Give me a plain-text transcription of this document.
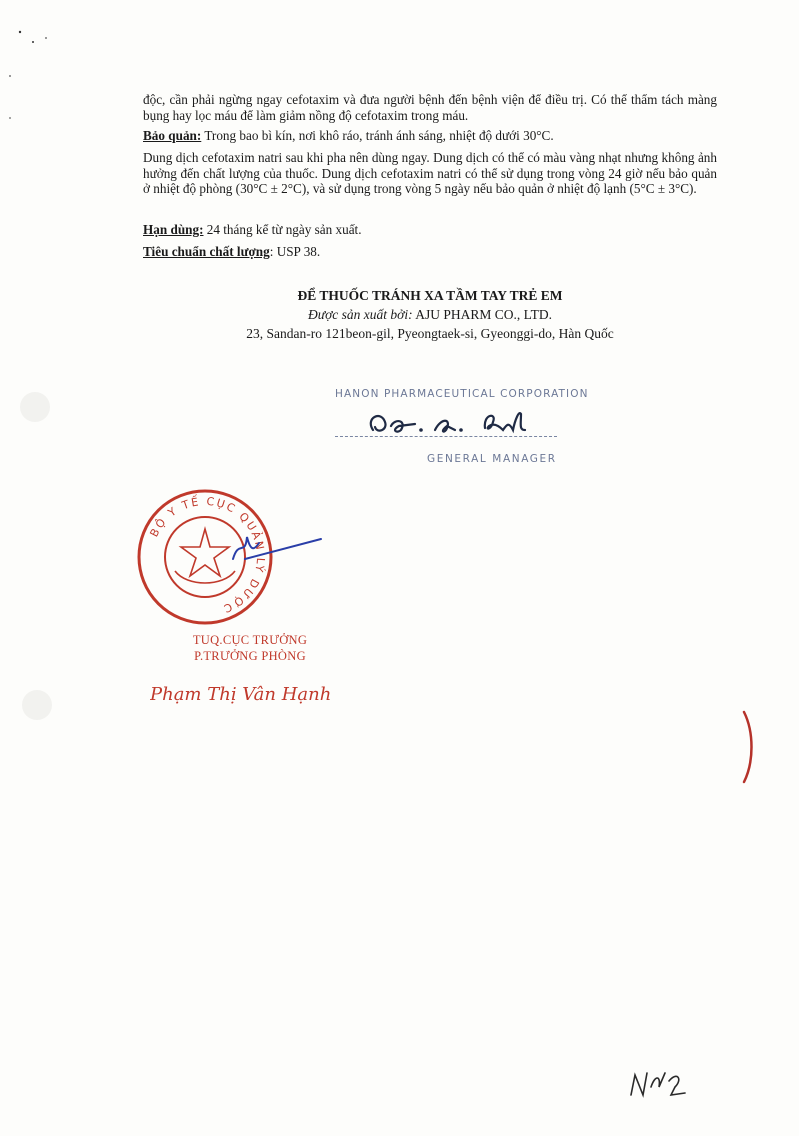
độc, cần phải ngừng ngay cefotaxim và đưa người bệnh đến bệnh viện để điều trị. Có thể thẩm tách màng bụng hay lọc máu để làm giảm nồng độ cefotaxim trong máu.
Bảo quản: Trong bao bì kín, nơi khô ráo, tránh ánh sáng, nhiệt độ dưới 30°C.
Dung dịch cefotaxim natri sau khi pha nên dùng ngay. Dung dịch có thể có màu vàng nhạt nhưng không ảnh hưởng đến chất lượng của thuốc. Dung dịch cefotaxim natri có thể sử dụng trong vòng 24 giờ nếu bảo quản ở nhiệt độ phòng (30°C ± 2°C), và sử dụng trong vòng 5 ngày nếu bảo quản ở nhiệt độ lạnh (5°C ± 3°C).
Hạn dùng: 24 tháng kể từ ngày sản xuất.
Tiêu chuẩn chất lượng: USP 38.
ĐỂ THUỐC TRÁNH XA TẦM TAY TRẺ EM
Được sản xuất bởi: AJU PHARM CO., LTD.
23, Sandan-ro 121beon-gil, Pyeongtaek-si, Gyeonggi-do, Hàn Quốc
HANON PHARMACEUTICAL CORPORATION
GENERAL MANAGER
BỘ Y TẾ CỤC QUẢN LÝ DƯỢC
TUQ.CỤC TRƯỞNG
P.TRƯỞNG PHÒNG
Phạm Thị Vân Hạnh
